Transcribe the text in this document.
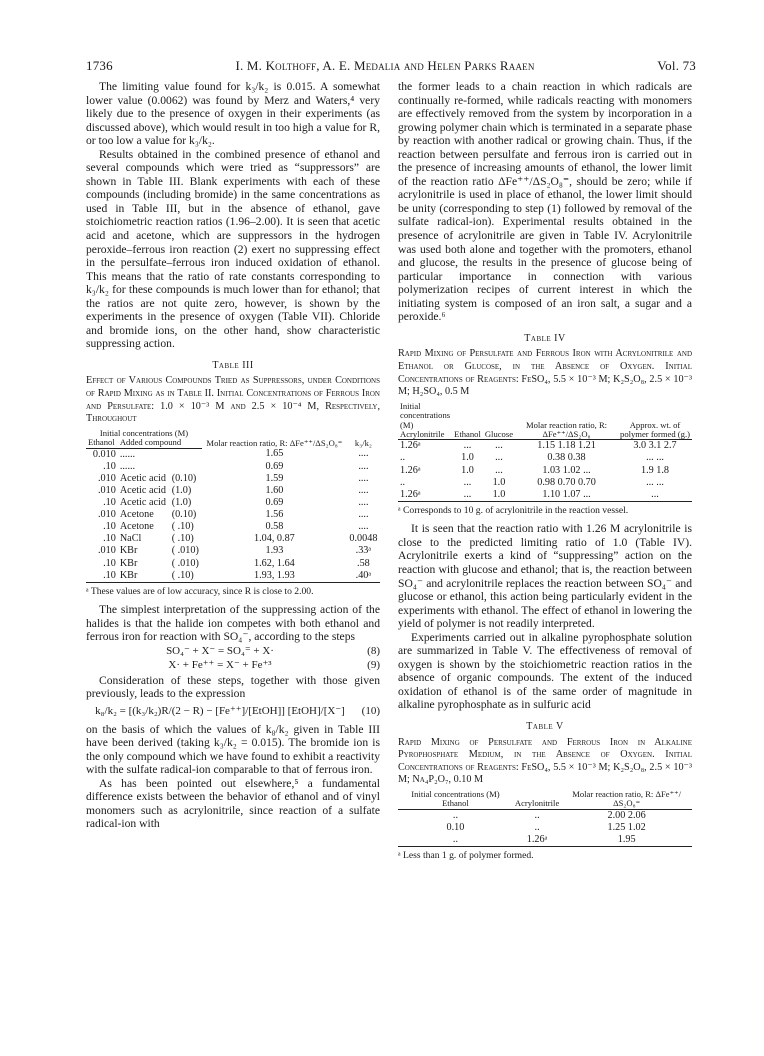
1736	I. M. Kolthoff, A. E. Medalia and Helen Parks Raaen	Vol. 73

The limiting value found for k₃/k₂ is 0.015. A somewhat lower value (0.0062) was found by Merz and Waters,⁴ very likely due to the presence of oxygen in their experiments (as discussed above), which would result in too high a value for R, or too low a value for k₃/k₂.

Results obtained in the combined presence of ethanol and several compounds which were tried as “suppressors” are shown in Table III. Blank experiments with each of these compounds (including bromide) in the same concentrations as used in Table III, but in the absence of ethanol, gave stoichiometric reaction ratios (1.96–2.00). It is seen that acetic acid and acetone, which are suppressors in the hydrogen peroxide–ferrous iron reaction (2) exert no suppressing effect in the persulfate–ferrous iron induced oxidation of ethanol. This means that the ratio of rate constants corresponding to k₃/k₂ for these compounds is much lower than for ethanol; that the ratios are not quite zero, however, is shown by the experiments in the presence of oxygen (Table VII). Chloride and bromide ions, on the other hand, show characteristic suppressing action.

Table III
Effect of Various Compounds Tried as Suppressors, under Conditions of Rapid Mixing as in Table II. Initial Concentrations of Ferrous Iron and Persulfate: 1.0 × 10⁻³ M and 2.5 × 10⁻⁴ M, Respectively, Throughout
Initial concentrations (M)			Molar reaction ratio, R: ΔFe⁺⁺/ΔS₂O₈⁼	k₃/k₂
Ethanol	Added compound			
0.010	......		1.65	....
.10	......		0.69	....
.010	Acetic acid	(0.10)	1.59	....
.010	Acetic acid	(1.0)	1.60	....
.10	Acetic acid	(1.0)	0.69	....
.010	Acetone	(0.10)	1.56	....
.10	Acetone	( .10)	0.58	....
.10	NaCl	( .10)	1.04, 0.87	0.0048
.010	KBr	( .010)	1.93	.33ᵃ
.10	KBr	( .010)	1.62, 1.64	.58
.10	KBr	( .10)	1.93, 1.93	.40ᵃ
ᵃ These values are of low accuracy, since R is close to 2.00.

The simplest interpretation of the suppressing action of the halides is that the halide ion competes with both ethanol and ferrous iron for reaction with SO₄⁻, according to the steps

SO₄⁻ + X⁻ = SO₄⁼ + X·	(8)
X· + Fe⁺⁺ = X⁻ + Fe⁺³	(9)

Consideration of these steps, together with those given previously, leads to the expression

k₈/k₂ = [(k₃/k₂)R/(2 − R) − [Fe⁺⁺]/[EtOH]] [EtOH]/[X⁻]	(10)

on the basis of which the values of k₈/k₂ given in Table III have been derived (taking k₃/k₂ = 0.015). The bromide ion is the only compound which we have found to exhibit a reactivity with the sulfate radical-ion comparable to that of ferrous iron.

As has been pointed out elsewhere,⁵ a fundamental difference exists between the behavior of ethanol and of vinyl monomers such as acrylonitrile, since reaction of a sulfate radical-ion with

the former leads to a chain reaction in which radicals are continually re-formed, while radicals reacting with monomers are effectively removed from the system by incorporation in a growing polymer chain which is terminated in a separate phase by reaction with another radical or growing chain. Thus, if the reaction between persulfate and ferrous iron is carried out in the presence of increasing amounts of ethanol, the lower limit of the reaction ratio ΔFe⁺⁺/ΔS₂O₈⁼, should be zero; while if acrylonitrile is used in place of ethanol, the lower limit should be unity (corresponding to step (1) followed by removal of the sulfate radical-ion). Experimental results obtained in the presence of acrylonitrile are given in Table IV. Acrylonitrile was used both alone and together with the promoters, ethanol and glucose, the results in the presence of glucose being of particular importance in connection with various polymerization recipes of current interest in which the initiating system is composed of an iron salt, a sugar and a peroxide.⁶

Table IV
Rapid Mixing of Persulfate and Ferrous Iron with Acrylonitrile and Ethanol or Glucose, in the Absence of Oxygen. Initial Concentrations of Reagents: FeSO₄, 5.5 × 10⁻³ M; K₂S₂O₈, 2.5 × 10⁻³ M; H₂SO₄, 0.5 M
Initial concentrations (M) Acrylonitrile	Ethanol	Glucose	Molar reaction ratio, R: ΔFe⁺⁺/ΔS₂O₈	Approx. wt. of polymer formed (g.)
1.26ᵃ	...	...	1.15 1.18 1.21	3.0 3.1 2.7
..	1.0	...	0.38 0.38	... ...
1.26ᵃ	1.0	...	1.03 1.02 ...	1.9 1.8
..	...	1.0	0.98 0.70 0.70	... ...
1.26ᵃ	...	1.0	1.10 1.07 ...	...
ᵃ Corresponds to 10 g. of acrylonitrile in the reaction vessel.

It is seen that the reaction ratio with 1.26 M acrylonitrile is close to the predicted limiting ratio of 1.0 (Table IV). Acrylonitrile exerts a kind of “suppressing” action on the reaction with glucose and ethanol; that is, the reaction between SO₄⁻ and acrylonitrile replaces the reaction between SO₄⁻ and glucose or ethanol, this action being particularly evident in the experiments with ethanol. The effect of ethanol in lowering the yield of polymer is not readily interpreted.

Experiments carried out in alkaline pyrophosphate solution are summarized in Table V. The effectiveness of removal of oxygen is shown by the stoichiometric reaction ratios in the absence of organic compounds. The extent of the induced oxidation of ethanol is of the same order of magnitude in alkaline pyrophosphate as in sulfuric acid

Table V
Rapid Mixing of Persulfate and Ferrous Iron in Alkaline Pyrophosphate Medium, in the Absence of Oxygen. Initial Concentrations of Reagents: FeSO₄, 5.5 × 10⁻³ M; K₂S₂O₈, 2.5 × 10⁻³ M; Na₄P₂O₇, 0.10 M
Initial concentrations (M) Ethanol	Acrylonitrile	Molar reaction ratio, R: ΔFe⁺⁺/ΔS₂O₈⁼
..	..	2.00 2.06
0.10	..	1.25 1.02
..	1.26ᵃ	1.95
ᵃ Less than 1 g. of polymer formed.
